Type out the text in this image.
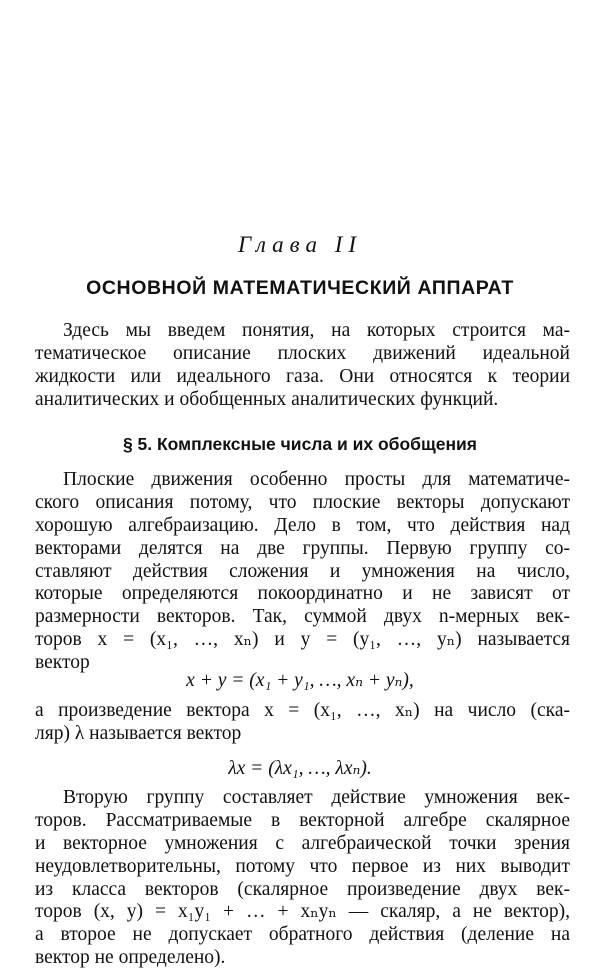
Глава II
ОСНОВНОЙ МАТЕМАТИЧЕСКИЙ АППАРАТ
Здесь мы введем понятия, на которых строится ма-
тематическое описание плоских движений идеальной
жидкости или идеального газа. Они относятся к теории
аналитических и обобщенных аналитических функций.
§ 5. Комплексные числа и их обобщения
Плоские движения особенно просты для математиче-
ского описания потому, что плоские векторы допускают
хорошую алгебраизацию. Дело в том, что действия над
векторами делятся на две группы. Первую группу со-
ставляют действия сложения и умножения на число,
которые определяются покоординатно и не зависят от
размерности векторов. Так, суммой двух n-мерных век-
торов x = (x₁, …, xₙ) и y = (y₁, …, yₙ) называется
вектор
x + y = (x₁ + y₁, …, xₙ + yₙ),
а произведение вектора x = (x₁, …, xₙ) на число (ска-
ляр) λ называется вектор
λx = (λx₁, …, λxₙ).
Вторую группу составляет действие умножения век-
торов. Рассматриваемые в векторной алгебре скалярное
и векторное умножения с алгебраической точки зрения
неудовлетворительны, потому что первое из них выводит
из класса векторов (скалярное произведение двух век-
торов (x, y) = x₁y₁ + … + xₙyₙ — скаляр, а не вектор),
а второе не допускает обратного действия (деление на
вектор не определено).
